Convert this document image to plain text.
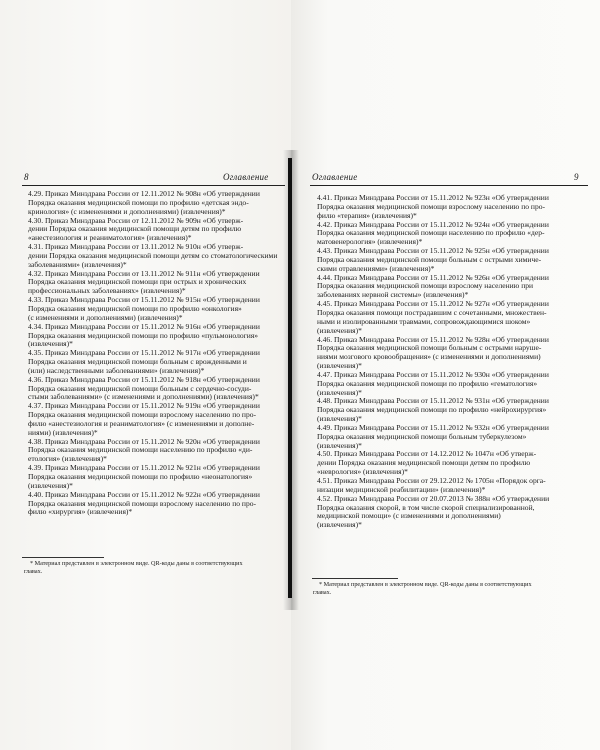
8	Оглавление
4.29. Приказ Минздрава России от 12.11.2012 № 908н «Об утверждении
Порядка оказания медицинской помощи по профилю «детская эндо-
кринология» (с изменениями и дополнениями) (извлечения)*
4.30. Приказ Минздрава России от 12.11.2012 № 909н «Об утверж-
дении Порядка оказания медицинской помощи детям по профилю
«анестезиология и реаниматология» (извлечения)*
4.31. Приказ Минздрава России от 13.11.2012 № 910н «Об утверж-
дении Порядка оказания медицинской помощи детям со стоматологическими
заболеваниями» (извлечения)*
4.32. Приказ Минздрава России от 13.11.2012 № 911н «Об утверждении
Порядка оказания медицинской помощи при острых и хронических
профессиональных заболеваниях» (извлечения)*
4.33. Приказ Минздрава России от 15.11.2012 № 915н «Об утверждении
Порядка оказания медицинской помощи по профилю «онкология»
(с изменениями и дополнениями) (извлечения)*
4.34. Приказ Минздрава России от 15.11.2012 № 916н «Об утверждении
Порядка оказания медицинской помощи по профилю «пульмонология»
(извлечения)*
4.35. Приказ Минздрава России от 15.11.2012 № 917н «Об утверждении
Порядка оказания медицинской помощи больным с врожденными и
(или) наследственными заболеваниями» (извлечения)*
4.36. Приказ Минздрава России от 15.11.2012 № 918н «Об утверждении
Порядка оказания медицинской помощи больным с сердечно-сосуди-
стыми заболеваниями» (с изменениями и дополнениями) (извлечения)*
4.37. Приказ Минздрава России от 15.11.2012 № 919н «Об утверждении
Порядка оказания медицинской помощи взрослому населению по про-
филю «анестезиология и реаниматология» (с изменениями и дополне-
ниями) (извлечения)*
4.38. Приказ Минздрава России от 15.11.2012 № 920н «Об утверждении
Порядка оказания медицинской помощи населению по профилю «ди-
етология» (извлечения)*
4.39. Приказ Минздрава России от 15.11.2012 № 921н «Об утверждении
Порядка оказания медицинской помощи по профилю «неонатология»
(извлечения)*
4.40. Приказ Минздрава России от 15.11.2012 № 922н «Об утверждении
Порядка оказания медицинской помощи взрослому населению по про-
филю «хирургия» (извлечения)*
* Материал представлен в электронном виде. QR-коды даны в соответствующих
главах.
Оглавление	9
4.41. Приказ Минздрава России от 15.11.2012 № 923н «Об утверждении
Порядка оказания медицинской помощи взрослому населению по про-
филю «терапия» (извлечения)*
4.42. Приказ Минздрава России от 15.11.2012 № 924н «Об утверждении
Порядка оказания медицинской помощи населению по профилю «дер-
матовенерология» (извлечения)*
4.43. Приказ Минздрава России от 15.11.2012 № 925н «Об утверждении
Порядка оказания медицинской помощи больным с острыми химиче-
скими отравлениями» (извлечения)*
4.44. Приказ Минздрава России от 15.11.2012 № 926н «Об утверждении
Порядка оказания медицинской помощи взрослому населению при
заболеваниях нервной системы» (извлечения)*
4.45. Приказ Минздрава России от 15.11.2012 № 927н «Об утверждении
Порядка оказания помощи пострадавшим с сочетанными, множествен-
ными и изолированными травмами, сопровождающимися шоком»
(извлечения)*
4.46. Приказ Минздрава России от 15.11.2012 № 928н «Об утверждении
Порядка оказания медицинской помощи больным с острыми наруше-
ниями мозгового кровообращения» (с изменениями и дополнениями)
(извлечения)*
4.47. Приказ Минздрава России от 15.11.2012 № 930н «Об утверждении
Порядка оказания медицинской помощи по профилю «гематология»
(извлечения)*
4.48. Приказ Минздрава России от 15.11.2012 № 931н «Об утверждении
Порядка оказания медицинской помощи по профилю «нейрохирургия»
(извлечения)*
4.49. Приказ Минздрава России от 15.11.2012 № 932н «Об утверждении
Порядка оказания медицинской помощи больным туберкулезом»
(извлечения)*
4.50. Приказ Минздрава России от 14.12.2012 № 1047н «Об утверж-
дении Порядка оказания медицинской помощи детям по профилю
«неврология» (извлечения)*
4.51. Приказ Минздрава России от 29.12.2012 № 1705н «Порядок орга-
низации медицинской реабилитации» (извлечения)*
4.52. Приказ Минздрава России от 20.07.2013 № 388н «Об утверждении
Порядка оказания скорой, в том числе скорой специализированной,
медицинской помощи» (с изменениями и дополнениями)
(извлечения)*
* Материал представлен в электронном виде. QR-коды даны в соответствующих
главах.
